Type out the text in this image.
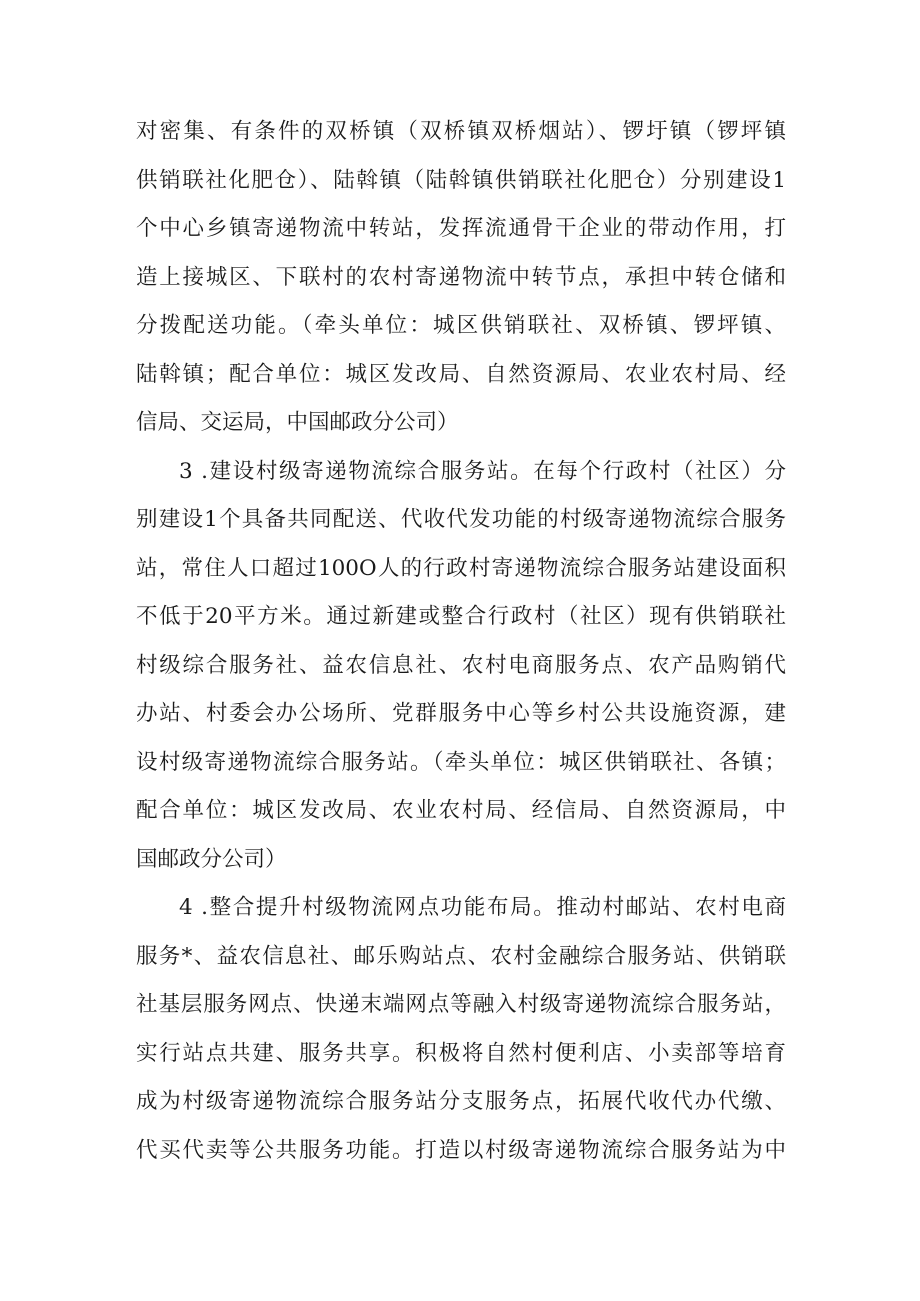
对密集、有条件的双桥镇（双桥镇双桥烟站）、锣圩镇（锣坪镇
供销联社化肥仓）、陆斡镇（陆斡镇供销联社化肥仓）分别建设1
个中心乡镇寄递物流中转站，发挥流通骨干企业的带动作用，打
造上接城区、下联村的农村寄递物流中转节点，承担中转仓储和
分拨配送功能。（牵头单位：城区供销联社、双桥镇、锣坪镇、
陆斡镇；配合单位：城区发改局、自然资源局、农业农村局、经
信局、交运局，中国邮政分公司）
3 .建设村级寄递物流综合服务站。在每个行政村（社区）分
别建设1个具备共同配送、代收代发功能的村级寄递物流综合服务
站，常住人口超过100O人的行政村寄递物流综合服务站建设面积
不低于20平方米。通过新建或整合行政村（社区）现有供销联社
村级综合服务社、益农信息社、农村电商服务点、农产品购销代
办站、村委会办公场所、党群服务中心等乡村公共设施资源，建
设村级寄递物流综合服务站。（牵头单位：城区供销联社、各镇；
配合单位：城区发改局、农业农村局、经信局、自然资源局，中
国邮政分公司）
4 .整合提升村级物流网点功能布局。推动村邮站、农村电商
服务*、益农信息社、邮乐购站点、农村金融综合服务站、供销联
社基层服务网点、快递末端网点等融入村级寄递物流综合服务站，
实行站点共建、服务共享。积极将自然村便利店、小卖部等培育
成为村级寄递物流综合服务站分支服务点，拓展代收代办代缴、
代买代卖等公共服务功能。打造以村级寄递物流综合服务站为中
